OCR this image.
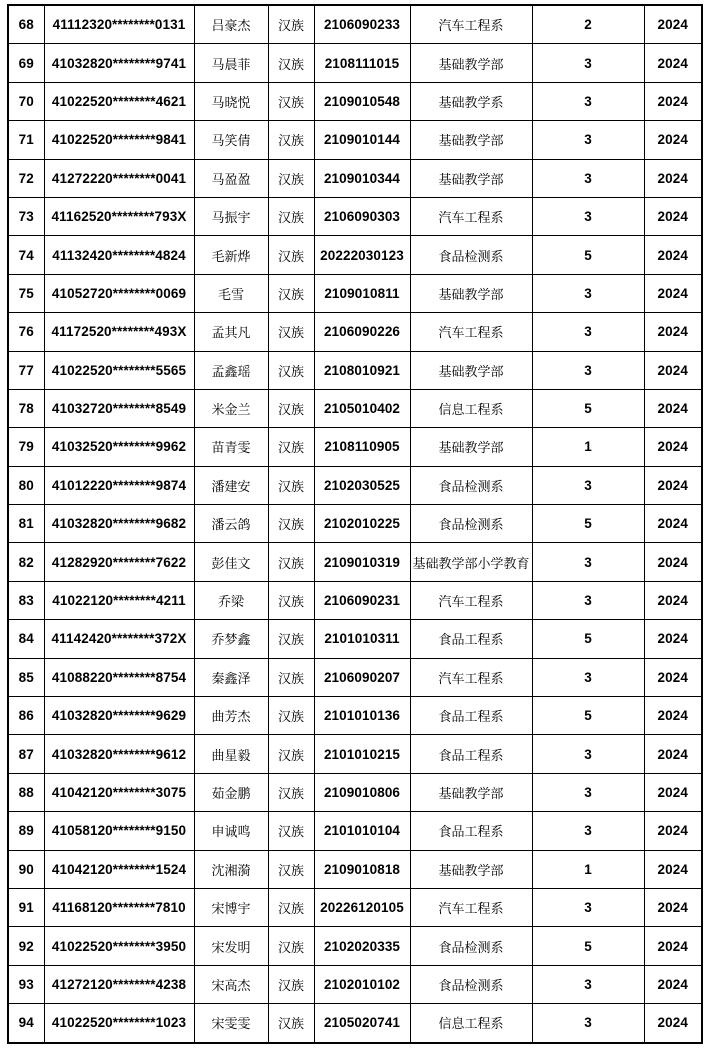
68	41112320********0131	吕豪杰	汉族	2106090233	汽车工程系	2	2024
69	41032820********9741	马晨菲	汉族	2108111015	基础教学部	3	2024
70	41022520********4621	马晓悦	汉族	2109010548	基础教学系	3	2024
71	41022520********9841	马笑倩	汉族	2109010144	基础教学部	3	2024
72	41272220********0041	马盈盈	汉族	2109010344	基础教学部	3	2024
73	41162520********793X	马振宇	汉族	2106090303	汽车工程系	3	2024
74	41132420********4824	毛新烨	汉族	20222030123	食品检测系	5	2024
75	41052720********0069	毛雪	汉族	2109010811	基础教学部	3	2024
76	41172520********493X	孟其凡	汉族	2106090226	汽车工程系	3	2024
77	41022520********5565	孟鑫瑶	汉族	2108010921	基础教学部	3	2024
78	41032720********8549	米金兰	汉族	2105010402	信息工程系	5	2024
79	41032520********9962	苗青雯	汉族	2108110905	基础教学部	1	2024
80	41012220********9874	潘建安	汉族	2102030525	食品检测系	3	2024
81	41032820********9682	潘云鸽	汉族	2102010225	食品检测系	5	2024
82	41282920********7622	彭佳文	汉族	2109010319	基础教学部小学教育	3	2024
83	41022120********4211	乔梁	汉族	2106090231	汽车工程系	3	2024
84	41142420********372X	乔梦鑫	汉族	2101010311	食品工程系	5	2024
85	41088220********8754	秦鑫泽	汉族	2106090207	汽车工程系	3	2024
86	41032820********9629	曲芳杰	汉族	2101010136	食品工程系	5	2024
87	41032820********9612	曲星毅	汉族	2101010215	食品工程系	3	2024
88	41042120********3075	茹金鹏	汉族	2109010806	基础教学部	3	2024
89	41058120********9150	申诚鸣	汉族	2101010104	食品工程系	3	2024
90	41042120********1524	沈湘漪	汉族	2109010818	基础教学部	1	2024
91	41168120********7810	宋博宇	汉族	20226120105	汽车工程系	3	2024
92	41022520********3950	宋发明	汉族	2102020335	食品检测系	5	2024
93	41272120********4238	宋高杰	汉族	2102010102	食品检测系	3	2024
94	41022520********1023	宋雯雯	汉族	2105020741	信息工程系	3	2024
